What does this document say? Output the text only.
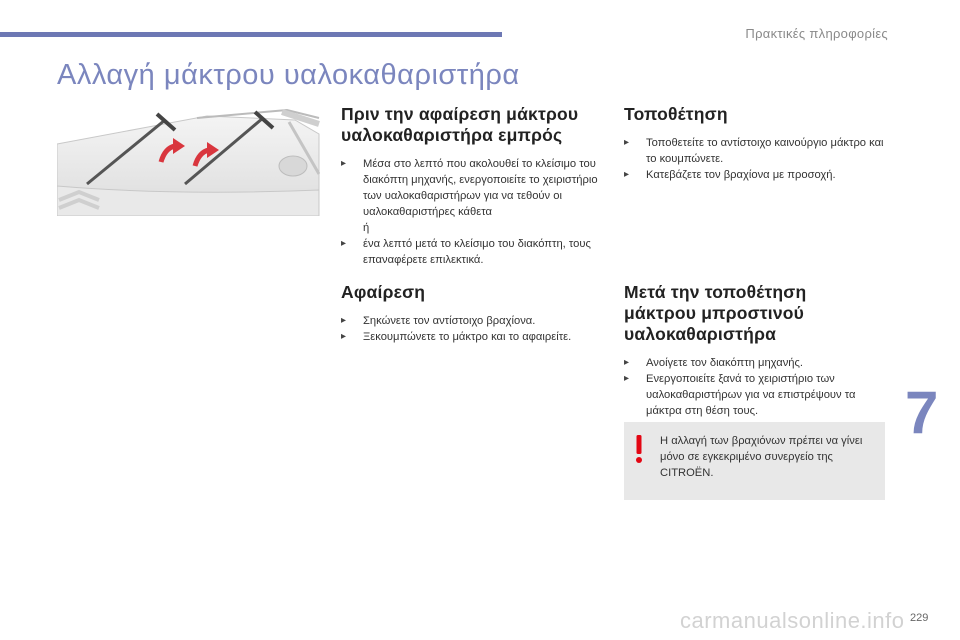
Πρακτικές πληροφορίες
Αλλαγή μάκτρου υαλοκαθαριστήρα
Πριν την αφαίρεση μάκτρου
υαλοκαθαριστήρα εμπρός
▸ Μέσα στο λεπτό που ακολουθεί το κλείσιμο του διακόπτη μηχανής, ενεργοποιείτε το χειριστήριο των υαλοκαθαριστήρων για να τεθούν οι υαλοκαθαριστήρες κάθετα
ή
▸ ένα λεπτό μετά το κλείσιμο του διακόπτη, τους επαναφέρετε επιλεκτικά.
Αφαίρεση
▸ Σηκώνετε τον αντίστοιχο βραχίονα.
▸ Ξεκουμπώνετε το μάκτρο και το αφαιρείτε.
Τοποθέτηση
▸ Τοποθετείτε το αντίστοιχο καινούργιο μάκτρο και το κουμπώνετε.
▸ Κατεβάζετε τον βραχίονα με προσοχή.
Μετά την τοποθέτηση
μάκτρου μπροστινού
υαλοκαθαριστήρα
▸ Ανοίγετε τον διακόπτη μηχανής.
▸ Ενεργοποιείτε ξανά το χειριστήριο των υαλοκαθαριστήρων για να επιστρέψουν τα μάκτρα στη θέση τους.
Η αλλαγή των βραχιόνων πρέπει να γίνει μόνο σε εγκεκριμένο συνεργείο της CITROËN.
7
carmanualsonline.info 229
